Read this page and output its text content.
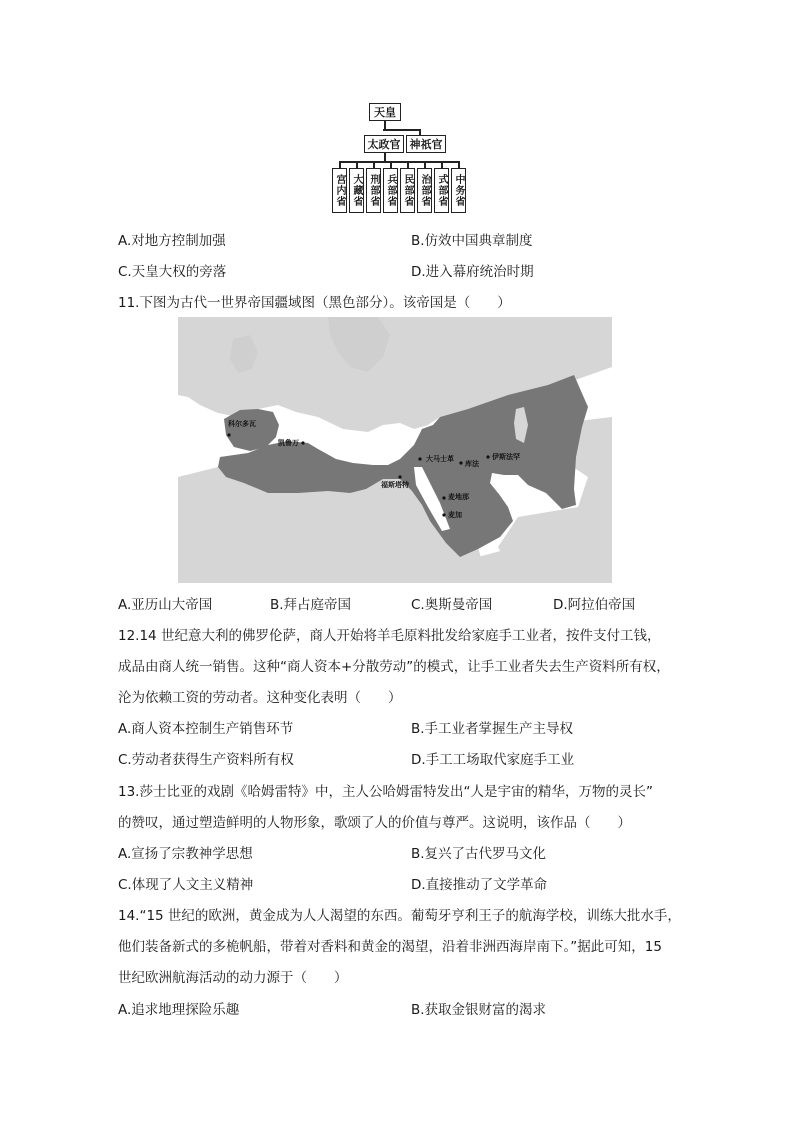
天皇
太政官 神祇官
宫内省 大藏省 刑部省 兵部省 民部省 治部省 式部省 中务省
A.对地方控制加强	B.仿效中国典章制度
C.天皇大权的旁落	D.进入幕府统治时期
11.下图为古代一世界帝国疆域图（黑色部分）。该帝国是（　　）
科尔多瓦
凯鲁万
大马士革
库法
伊斯法罕
福斯塔特
麦地那
麦加
A.亚历山大帝国	B.拜占庭帝国	C.奥斯曼帝国	D.阿拉伯帝国
12.14 世纪意大利的佛罗伦萨，商人开始将羊毛原料批发给家庭手工业者，按件支付工钱，
成品由商人统一销售。这种“商人资本+分散劳动”的模式，让手工业者失去生产资料所有权，
沦为依赖工资的劳动者。这种变化表明（　　）
A.商人资本控制生产销售环节	B.手工业者掌握生产主导权
C.劳动者获得生产资料所有权	D.手工工场取代家庭手工业
13.莎士比亚的戏剧《哈姆雷特》中，主人公哈姆雷特发出“人是宇宙的精华，万物的灵长”
的赞叹，通过塑造鲜明的人物形象，歌颂了人的价值与尊严。这说明，该作品（　　）
A.宣扬了宗教神学思想	B.复兴了古代罗马文化
C.体现了人文主义精神	D.直接推动了文学革命
14.“15 世纪的欧洲，黄金成为人人渴望的东西。葡萄牙亨利王子的航海学校，训练大批水手，
他们装备新式的多桅帆船，带着对香料和黄金的渴望，沿着非洲西海岸南下。”据此可知，15
世纪欧洲航海活动的动力源于（　　）
A.追求地理探险乐趣	B.获取金银财富的渴求
